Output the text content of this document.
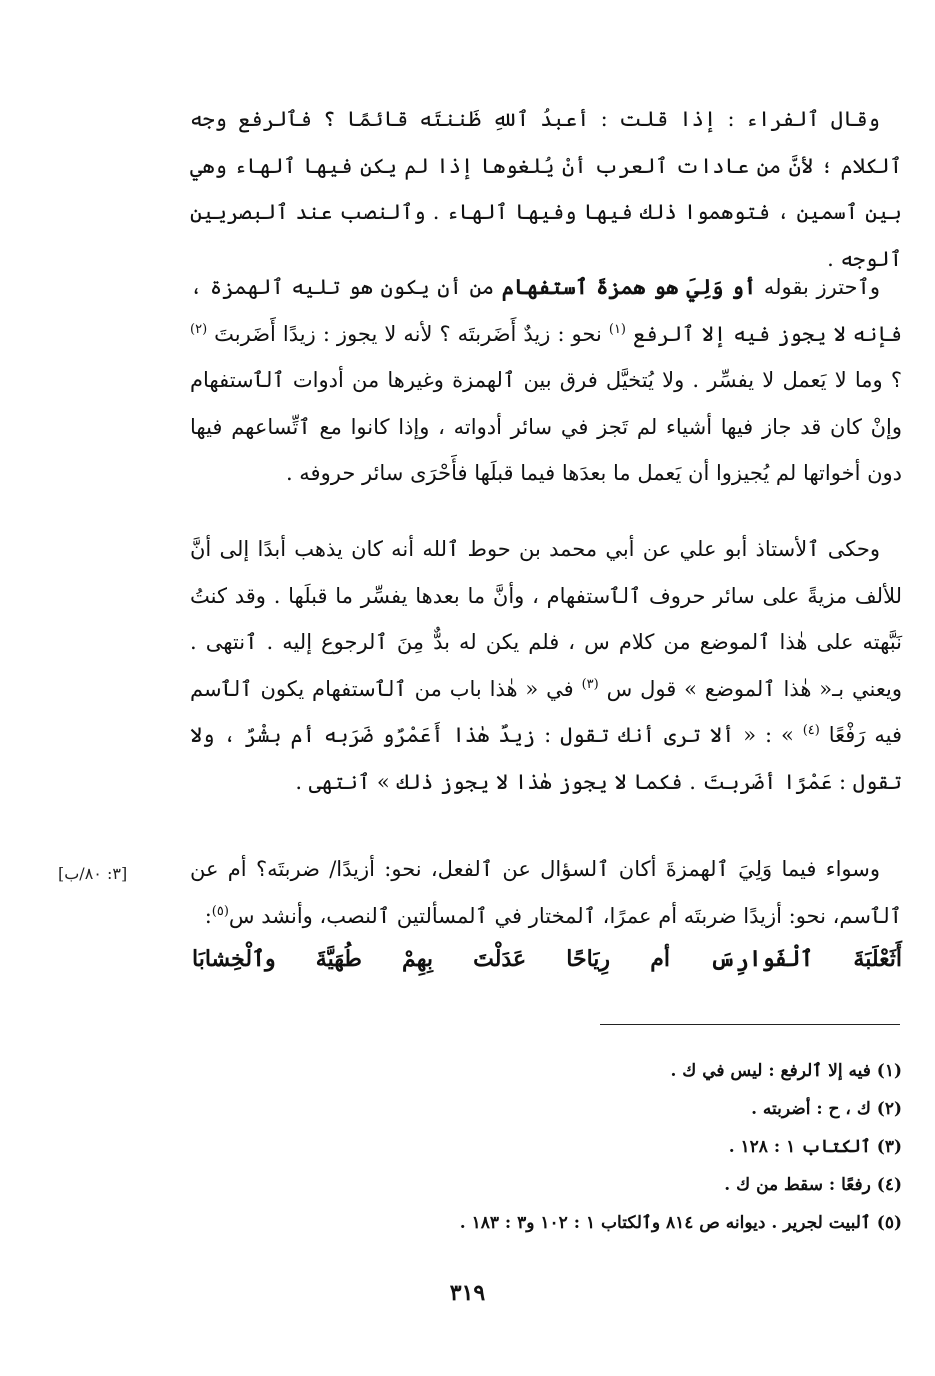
وقال ٱلفراء : إذا قلت : أعبدُ ٱللهِ ظَننتَه قائمًا ؟ فٱلرفع وجه ٱلكلام ؛ لأنَّ من عادات ٱلعرب أنْ يُلغوها إذا لم يكن فيها ٱلهاء وهي بين ٱسمين ، فتوهموا ذٰلك فيها وفيها ٱلهاء . وٱلنصب عند ٱلبصريين ٱلوجه .

وٱحترز بقوله أو وَلِيَ هو همزةَ ٱستفهام من أن يكون هو تليه ٱلهمزة ، فإنه لا يجوز فيه إلا ٱلرفع $^{(١)}$ نحو : زيدٌ أَضَربتَه ؟ لأنه لا يجوز : زيدًا أَضَربتَ $^{(٢)}$ ؟ وما لا يَعمل لا يفسِّر . ولا يُتخيَّل فرق بين ٱلهمزة وغيرها من أدوات ٱلٱستفهام وإنْ كان قد جاز فيها أشياء لم تَجز في سائر أدواته ، وإذا كانوا مع ٱتِّساعهم فيها دون أخواتها لم يُجيزوا أن يَعمل ما بعدَها فيما قبلَها فأَحْرَى سائر حروفه .

وحكى ٱلأستاذ أبو علي عن أبي محمد بن حوط ٱلله أنه كان يذهب أبدًا إلى أنَّ للألف مزيةً على سائر حروف ٱلٱستفهام ، وأنَّ ما بعدها يفسِّر ما قبلَها . وقد كنتُ نَبَّهته على هٰذا ٱلموضع من كلام س ، فلم يكن له بدٌّ مِنَ ٱلرجوع إليه . ٱنتهى . ويعني بـ« هٰذا ٱلموضع » قول س $^{(٣)}$ في « هٰذا باب من ٱلٱستفهام يكون ٱلٱسم فيه رَفْعًا $^{(٤)}$ » : « ألا ترى أنك تقول : زيدٌ هٰذا أَعَمْرٌو ضَرَبه أم بشْرٌ ، ولا تقول : عَمْرًا أضَربتَ . فكما لا يجوز هٰذا لا يجوز ذٰلك » ٱنتهى .

وسواء فيما وَلِيَ ٱلهمزةَ أكان ٱلسؤال عن ٱلفعل، نحو: أزيدًا/ ضربتَه؟ أم عن ٱلٱسم، نحو: أزيدًا ضربتَه أم عمرًا، ٱلمختار في ٱلمسألتين ٱلنصب، وأنشد س$^{(٥)}$:

[٣: ٨٠/ب]
أَثَعْلَبَةَ
ٱلْفَوارِسَ
أم
رِيَاحًا
عَدَلْتَ
بِهِمْ
طُهَيَّةَ
وٱلْخِشابَا

(١) فيه إلا ٱلرفع : ليس في ك .

(٢) ك ، ح : أضربته .

(٣) ٱلكتاب ١ : ١٢٨ .

(٤) رفعًا : سقط من ك .

(٥) ٱلبيت لجرير . ديوانه ص ٨١٤ وٱلكتاب ١ : ١٠٢ و٣ : ١٨٣ .

٣١٩
